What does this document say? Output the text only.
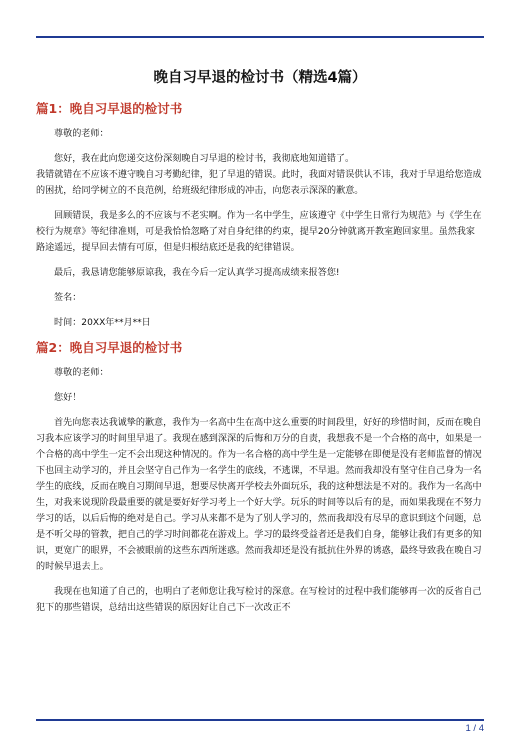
晚自习早退的检讨书（精选4篇）
篇1：晚自习早退的检讨书
尊敬的老师：
您好，我在此向您递交这份深刻晚自习早退的检讨书，我彻底地知道错了。
我错就错在不应该不遵守晚自习考勤纪律，犯了早退的错误。此时，我面对错误供认不讳，我对于早退给您造成的困扰，给同学树立的不良范例，给班级纪律形成的冲击，向您表示深深的歉意。
回顾错误，我是多么的不应该与不老实啊。作为一名中学生，应该遵守《中学生日常行为规范》与《学生在校行为规章》等纪律准则，可是我恰恰忽略了对自身纪律的约束，提早20分钟就离开教室跑回家里。虽然我家路途遥远，提早回去情有可原，但是归根结底还是我的纪律错误。
最后，我恳请您能够原谅我，我在今后一定认真学习提高成绩来报答您!
签名：
时间：20XX年**月**日
篇2：晚自习早退的检讨书
尊敬的老师：
您好！
首先向您表达我诚挚的歉意，我作为一名高中生在高中这么重要的时间段里，好好的珍惜时间，反而在晚自习我本应该学习的时间里早退了。我现在感到深深的后悔和万分的自责，我想我不是一个合格的高中，如果是一个合格的高中学生一定不会出现这种情况的。作为一名合格的高中学生是一定能够在即便是没有老师监督的情况下也回主动学习的，并且会坚守自己作为一名学生的底线，不逃课，不早退。然而我却没有坚守住自己身为一名学生的底线，反而在晚自习期间早退，想要尽快离开学校去外面玩乐，我的这种想法是不对的。我作为一名高中生，对我来说现阶段最重要的就是要好好学习考上一个好大学。玩乐的时间等以后有的是，而如果我现在不努力学习的话，以后后悔的绝对是自己。学习从来都不是为了别人学习的，然而我却没有尽早的意识到这个问题，总是不听父母的管教，把自己的学习时间都花在游戏上。学习的最终受益者还是我们自身，能够让我们有更多的知识，更宽广的眼界，不会被眼前的这些东西所迷惑。然而我却还是没有抵抗住外界的诱惑，最终导致我在晚自习的时候早退去上。
我现在也知道了自己的，也明白了老师您让我写检讨的深意。在写检讨的过程中我们能够再一次的反省自己犯下的那些错误，总结出这些错误的原因好让自己下一次改正不
1 / 4
